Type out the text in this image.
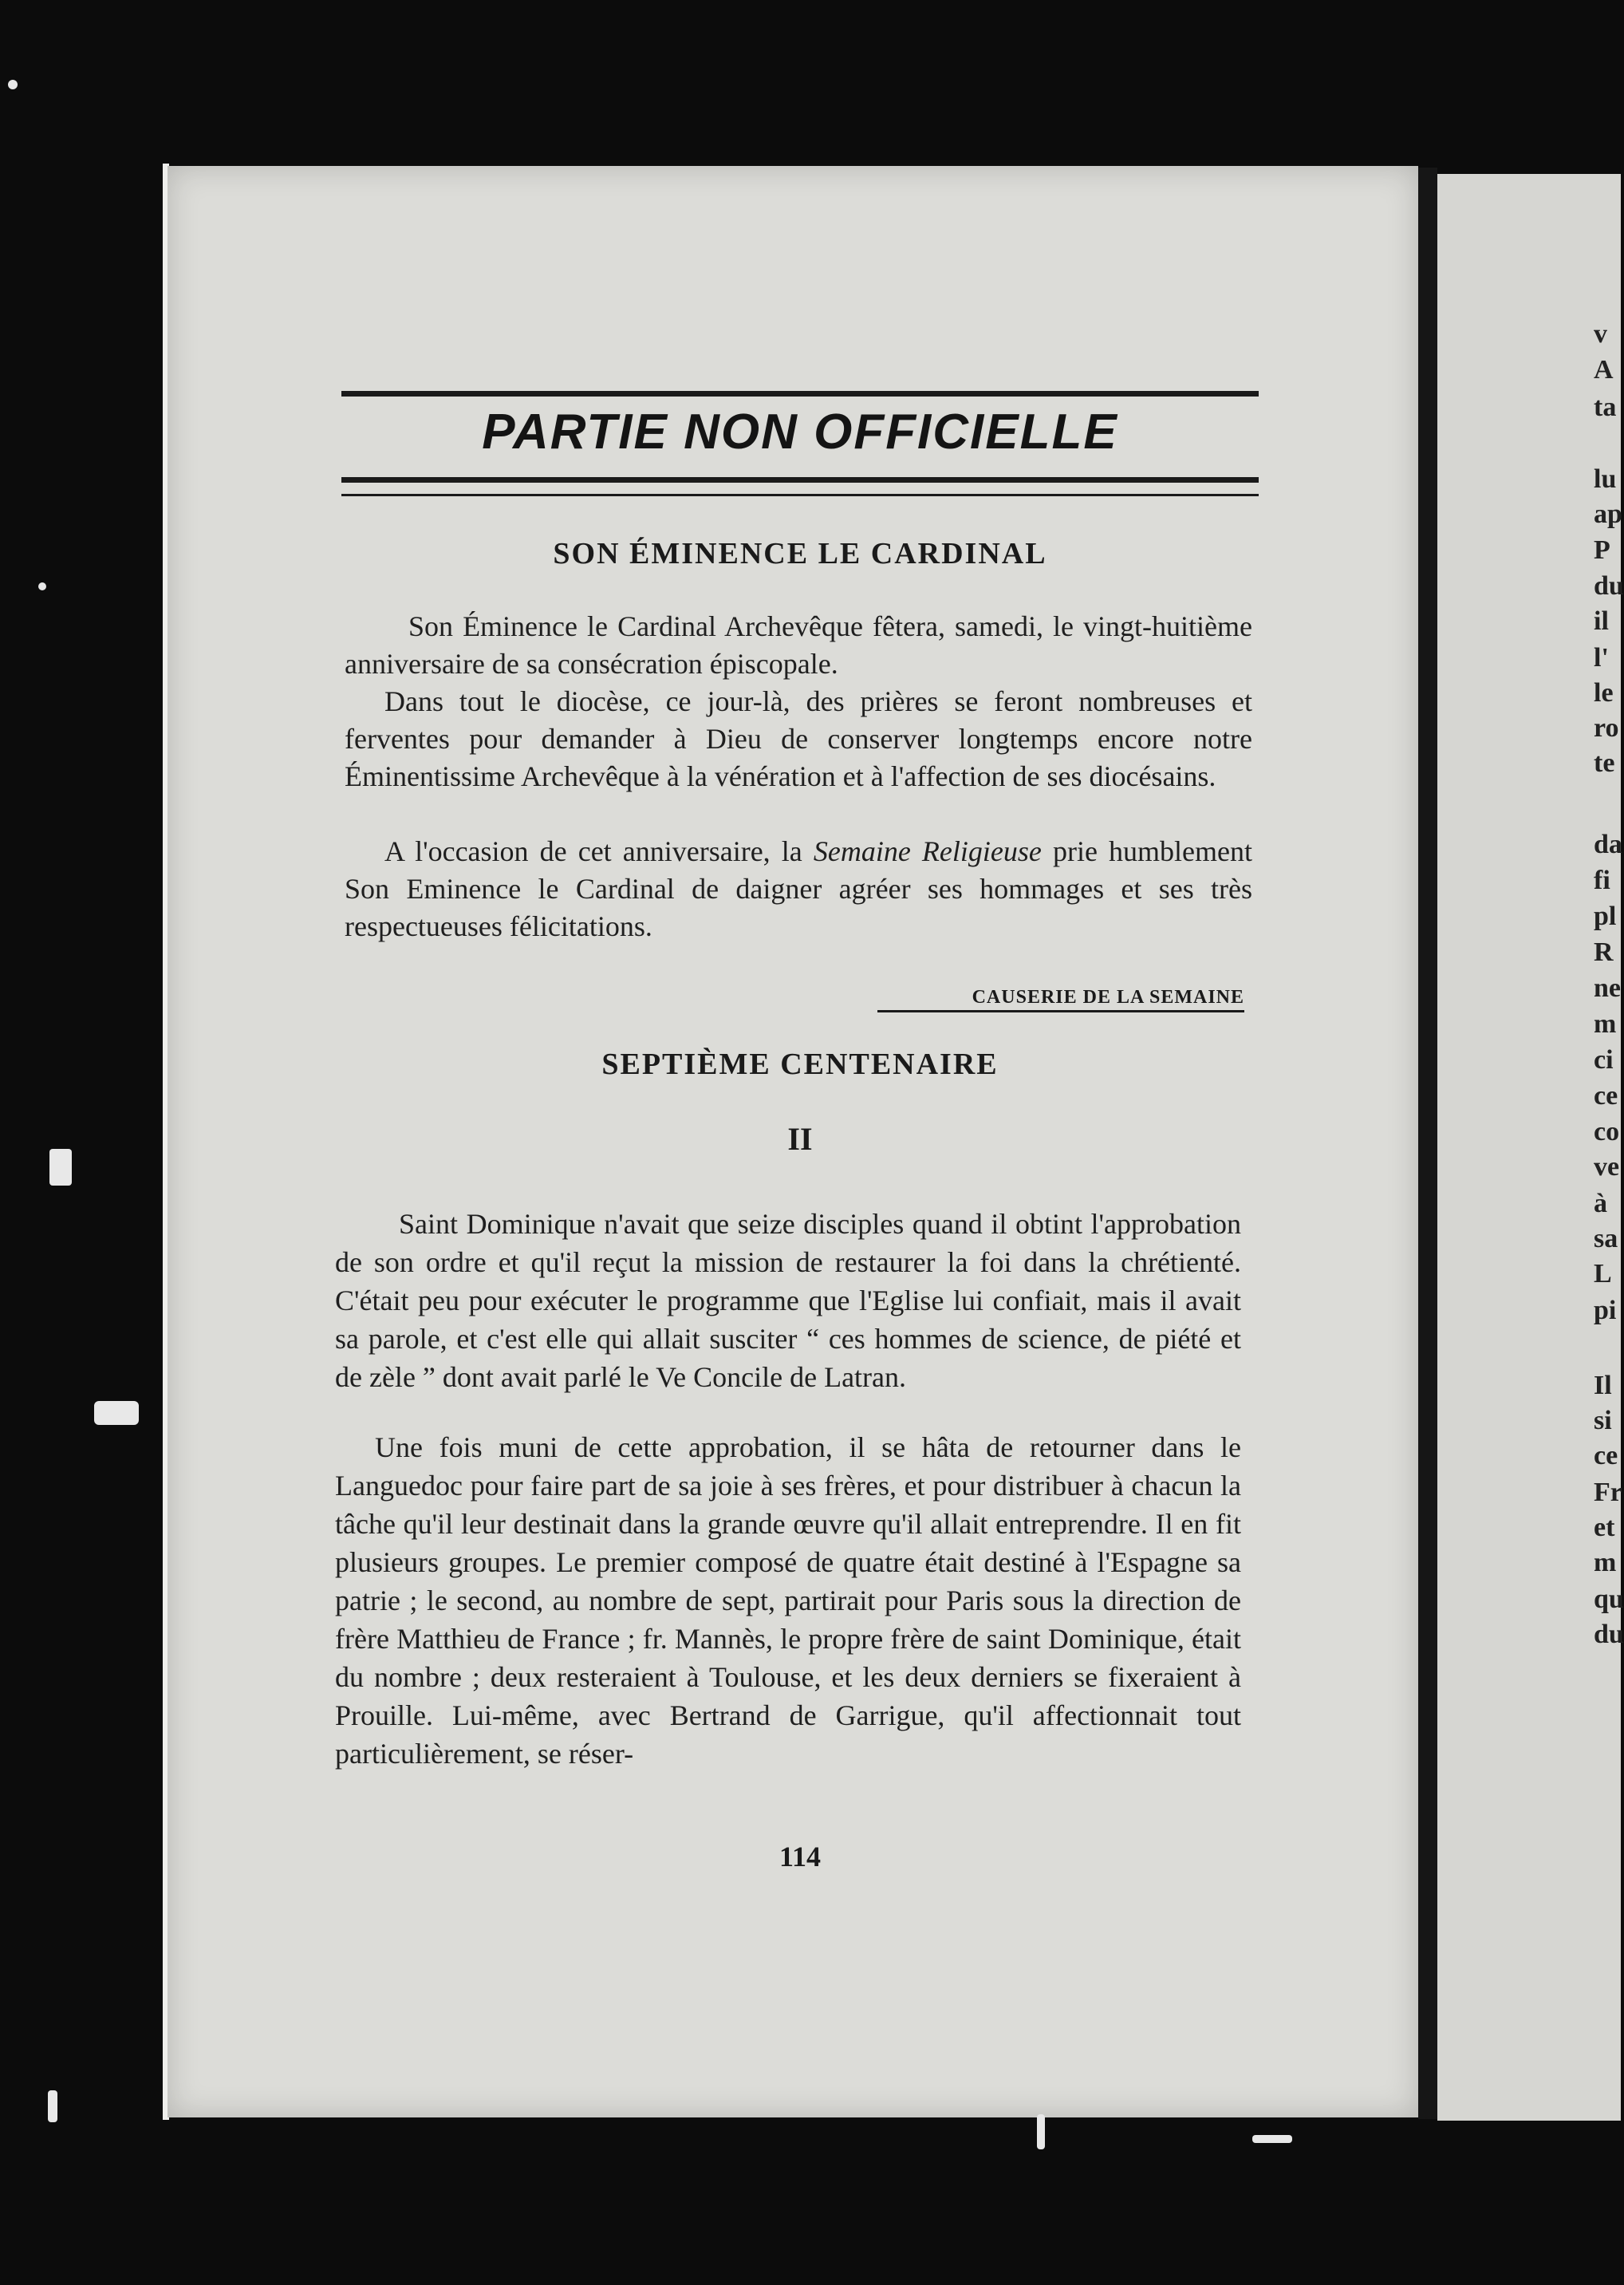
v
A
ta
lu
ap
P
du
il
l'
le
ro
te
da
fi
pl
R
ne
m
ci
ce
co
ve
à
sa
L
pi
Il
si
ce
Fr
et
m
qu
du
PARTIE NON OFFICIELLE
SON ÉMINENCE LE CARDINAL

Son Éminence le Cardinal Archevêque fêtera, samedi, le vingt-huitième anniversaire de sa consécration épiscopale.

Dans tout le diocèse, ce jour-là, des prières se feront nombreuses et ferventes pour demander à Dieu de conserver longtemps encore notre Éminentissime Archevêque à la vénération et à l'affection de ses diocésains.

A l'occasion de cet anniversaire, la Semaine Religieuse prie humblement Son Eminence le Cardinal de daigner agréer ses hommages et ses très respectueuses félicitations.

CAUSERIE DE LA SEMAINE
SEPTIÈME CENTENAIRE
II

Saint Dominique n'avait que seize disciples quand il obtint l'approbation de son ordre et qu'il reçut la mission de restaurer la foi dans la chrétienté. C'était peu pour exécuter le programme que l'Eglise lui confiait, mais il avait sa parole, et c'est elle qui allait susciter “ ces hommes de science, de piété et de zèle ” dont avait parlé le Ve Concile de Latran.

Une fois muni de cette approbation, il se hâta de retourner dans le Languedoc pour faire part de sa joie à ses frères, et pour distribuer à chacun la tâche qu'il leur destinait dans la grande œuvre qu'il allait entreprendre. Il en fit plusieurs groupes. Le premier composé de quatre était destiné à l'Espagne sa patrie ; le second, au nombre de sept, partirait pour Paris sous la direction de frère Matthieu de France ; fr. Mannès, le propre frère de saint Dominique, était du nombre ; deux resteraient à Toulouse, et les deux derniers se fixeraient à Prouille. Lui-même, avec Bertrand de Garrigue, qu'il affectionnait tout particulièrement, se réser-

114
